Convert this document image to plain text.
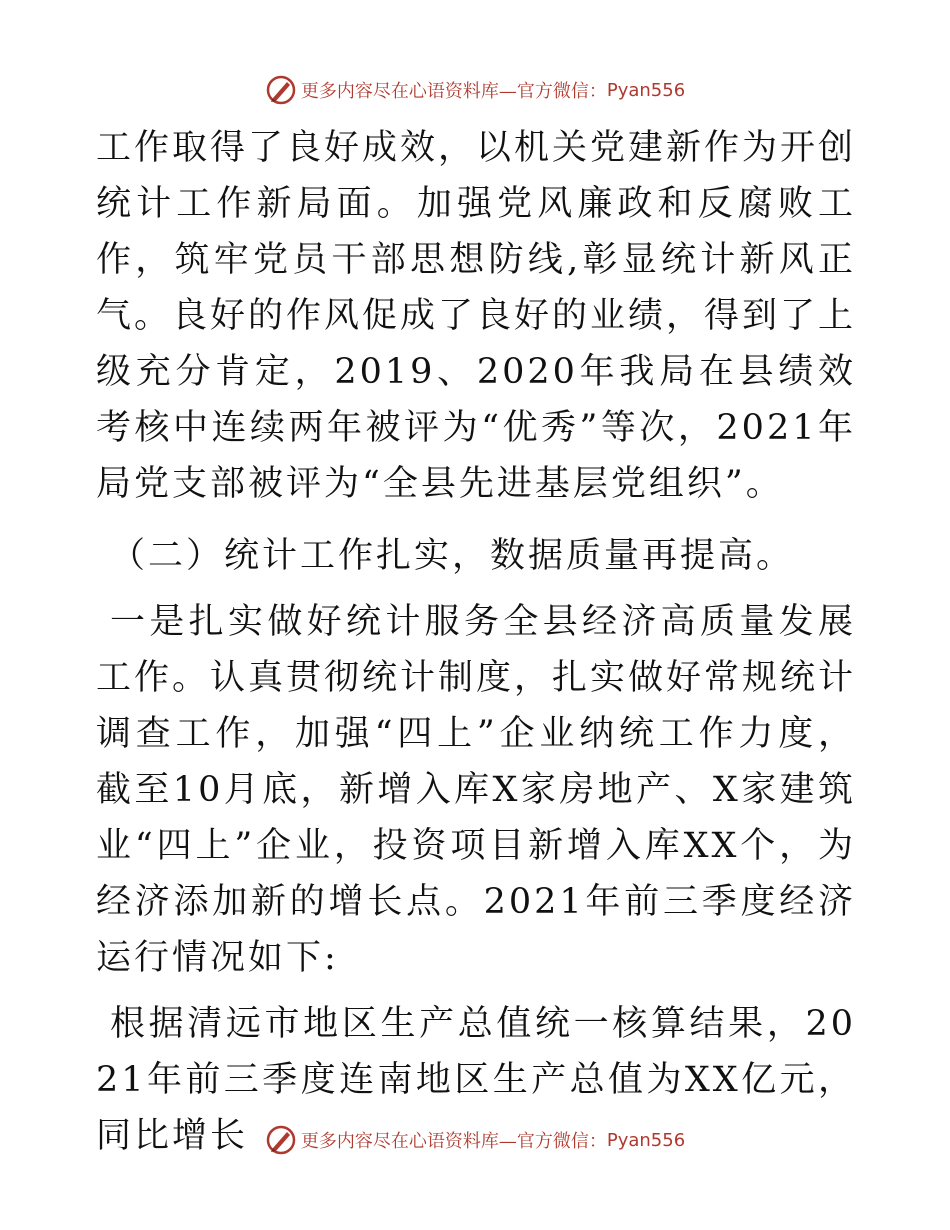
更多内容尽在心语资料库—官方微信： Pyan556

工作取得了良好成效，以机关党建新作为开创统计工作新局面。加强党风廉政和反腐败工作，筑牢党员干部思想防线,彰显统计新风正气。良好的作风促成了良好的业绩，得到了上级充分肯定，2019、2020年我局在县绩效考核中连续两年被评为“优秀”等次，2021年局党支部被评为“全县先进基层党组织”。

（二）统计工作扎实，数据质量再提高。

一是扎实做好统计服务全县经济高质量发展工作。认真贯彻统计制度，扎实做好常规统计调查工作，加强“四上”企业纳统工作力度，截至10月底，新增入库X家房地产、X家建筑业“四上”企业，投资项目新增入库XX个，为经济添加新的增长点。2021年前三季度经济运行情况如下:

根据清远市地区生产总值统一核算结果，2021年前三季度连南地区生产总值为XX亿元，同比增长	更多内容尽在心语资料库—官方微信： Pyan556
